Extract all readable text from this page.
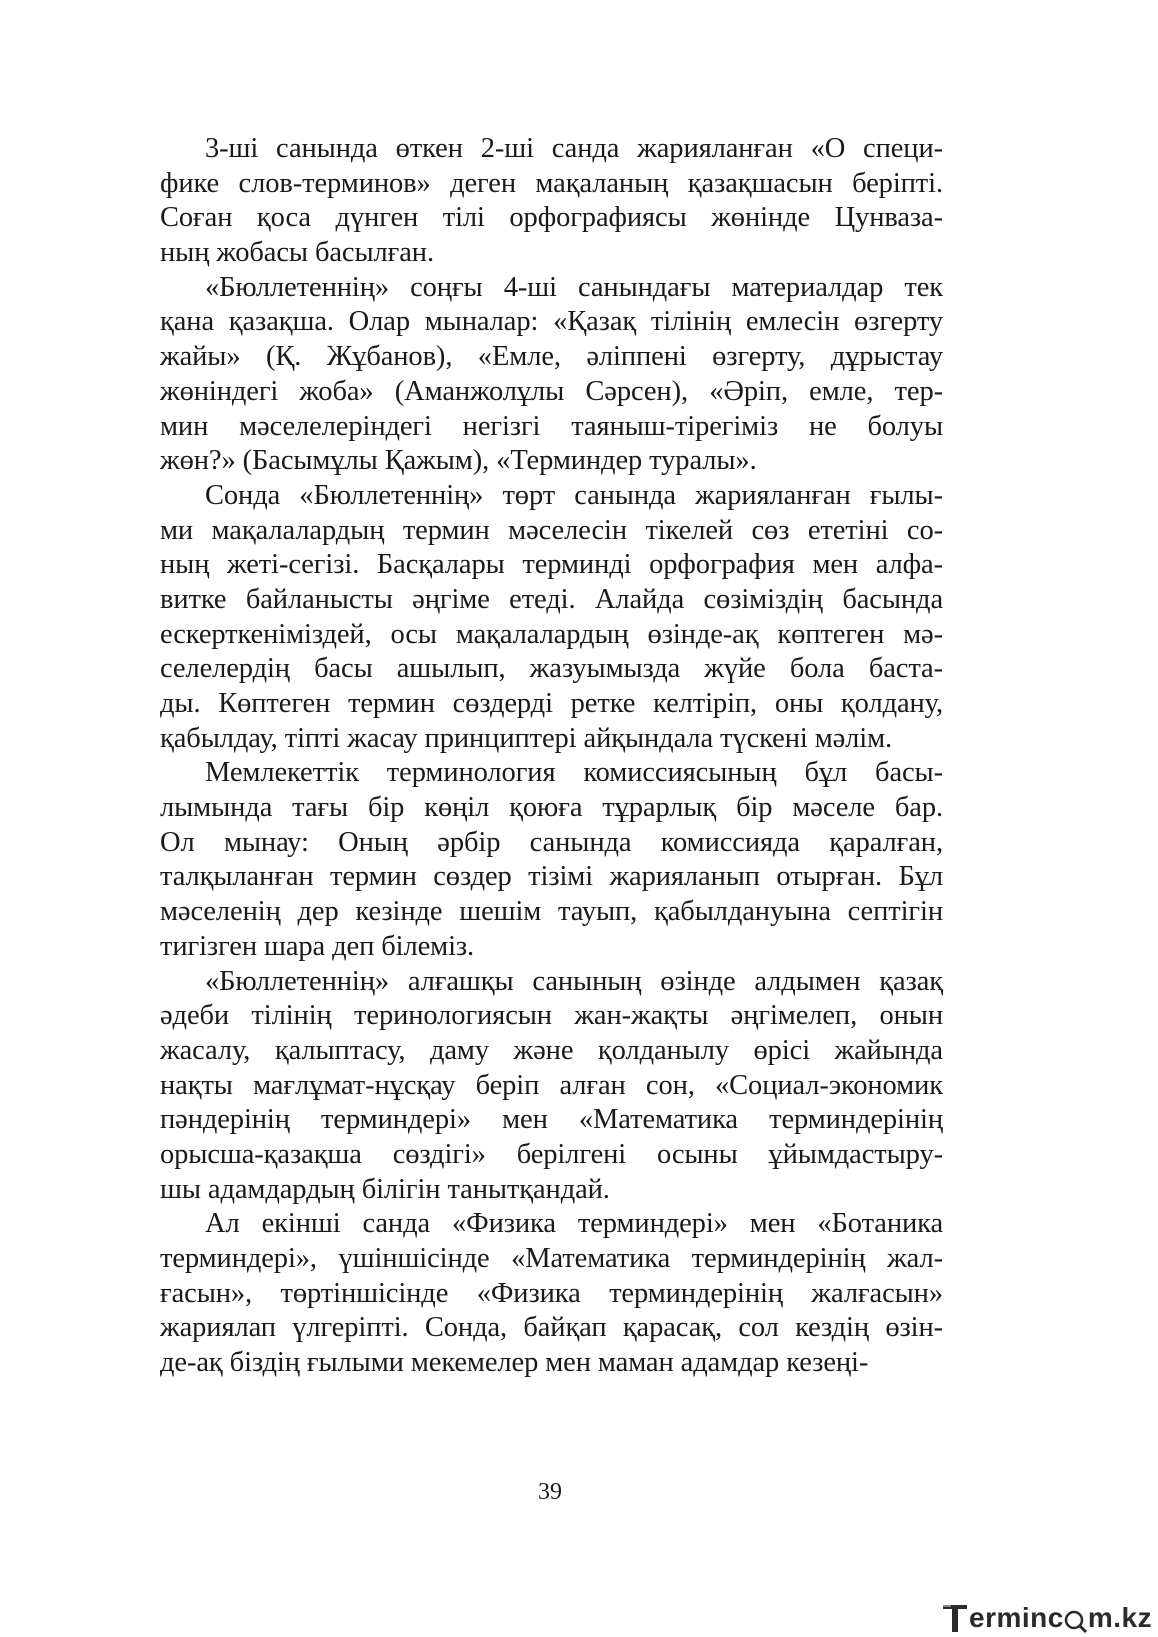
3-ші санында өткен 2-ші санда жарияланған «О специ-
фике слов-терминов» деген мақаланың қазақшасын беріпті.
Соған қоса дүнген тілі орфографиясы жөнінде Цунваза-
ның жобасы басылған.
«Бюллетеннің» соңғы 4-ші санындағы материалдар тек
қана қазақша. Олар мыналар: «Қазақ тілінің емлесін өзгерту
жайы» (Қ. Жұбанов), «Емле, әліппені өзгерту, дұрыстау
жөніндегі жоба» (Аманжолұлы Сәрсен), «Әріп, емле, тер-
мин мәселелеріндегі негізгі таяныш-тірегіміз не болуы
жөн?» (Басымұлы Қажым), «Терминдер туралы».
Сонда «Бюллетеннің» төрт санында жарияланған ғылы-
ми мақалалардың термин мәселесін тікелей сөз ететіні со-
ның жеті-сегізі. Басқалары терминді орфография мен алфа-
витке байланысты әңгіме етеді. Алайда сөзіміздің басында
ескерткеніміздей, осы мақалалардың өзінде-ақ көптеген мә-
селелердің басы ашылып, жазуымызда жүйе бола баста-
ды. Көптеген термин сөздерді ретке келтіріп, оны қолдану,
қабылдау, тіпті жасау принциптері айқындала түскені мәлім.
Мемлекеттік терминология комиссиясының бұл басы-
лымында тағы бір көңіл қоюға тұрарлық бір мәселе бар.
Ол мынау: Оның әрбір санында комиссияда қаралған,
талқыланған термин сөздер тізімі жарияланып отырған. Бұл
мәселенің дер кезінде шешім тауып, қабылдануына септігін
тигізген шара деп білеміз.
«Бюллетеннің» алғашқы санының өзінде алдымен қазақ
әдеби тілінің теринологиясын жан-жақты әңгімелеп, онын
жасалу, қалыптасу, даму және қолданылу өрісі жайында
нақты мағлұмат-нұсқау беріп алған сон, «Социал-экономик
пәндерінің терминдері» мен «Математика терминдерінің
орысша-қазақша сөздігі» берілгені осыны ұйымдастыру-
шы адамдардың білігін танытқандай.
Ал екінші санда «Физика терминдері» мен «Ботаника
терминдері», үшіншісінде «Математика терминдерінің жал-
ғасын», төртіншісінде «Физика терминдерінің жалғасын»
жариялап үлгеріпті. Сонда, байқап қарасақ, сол кездің өзін-
де-ақ біздің ғылыми мекемелер мен маман адамдар кезеңі-
39
erminc m.kz
